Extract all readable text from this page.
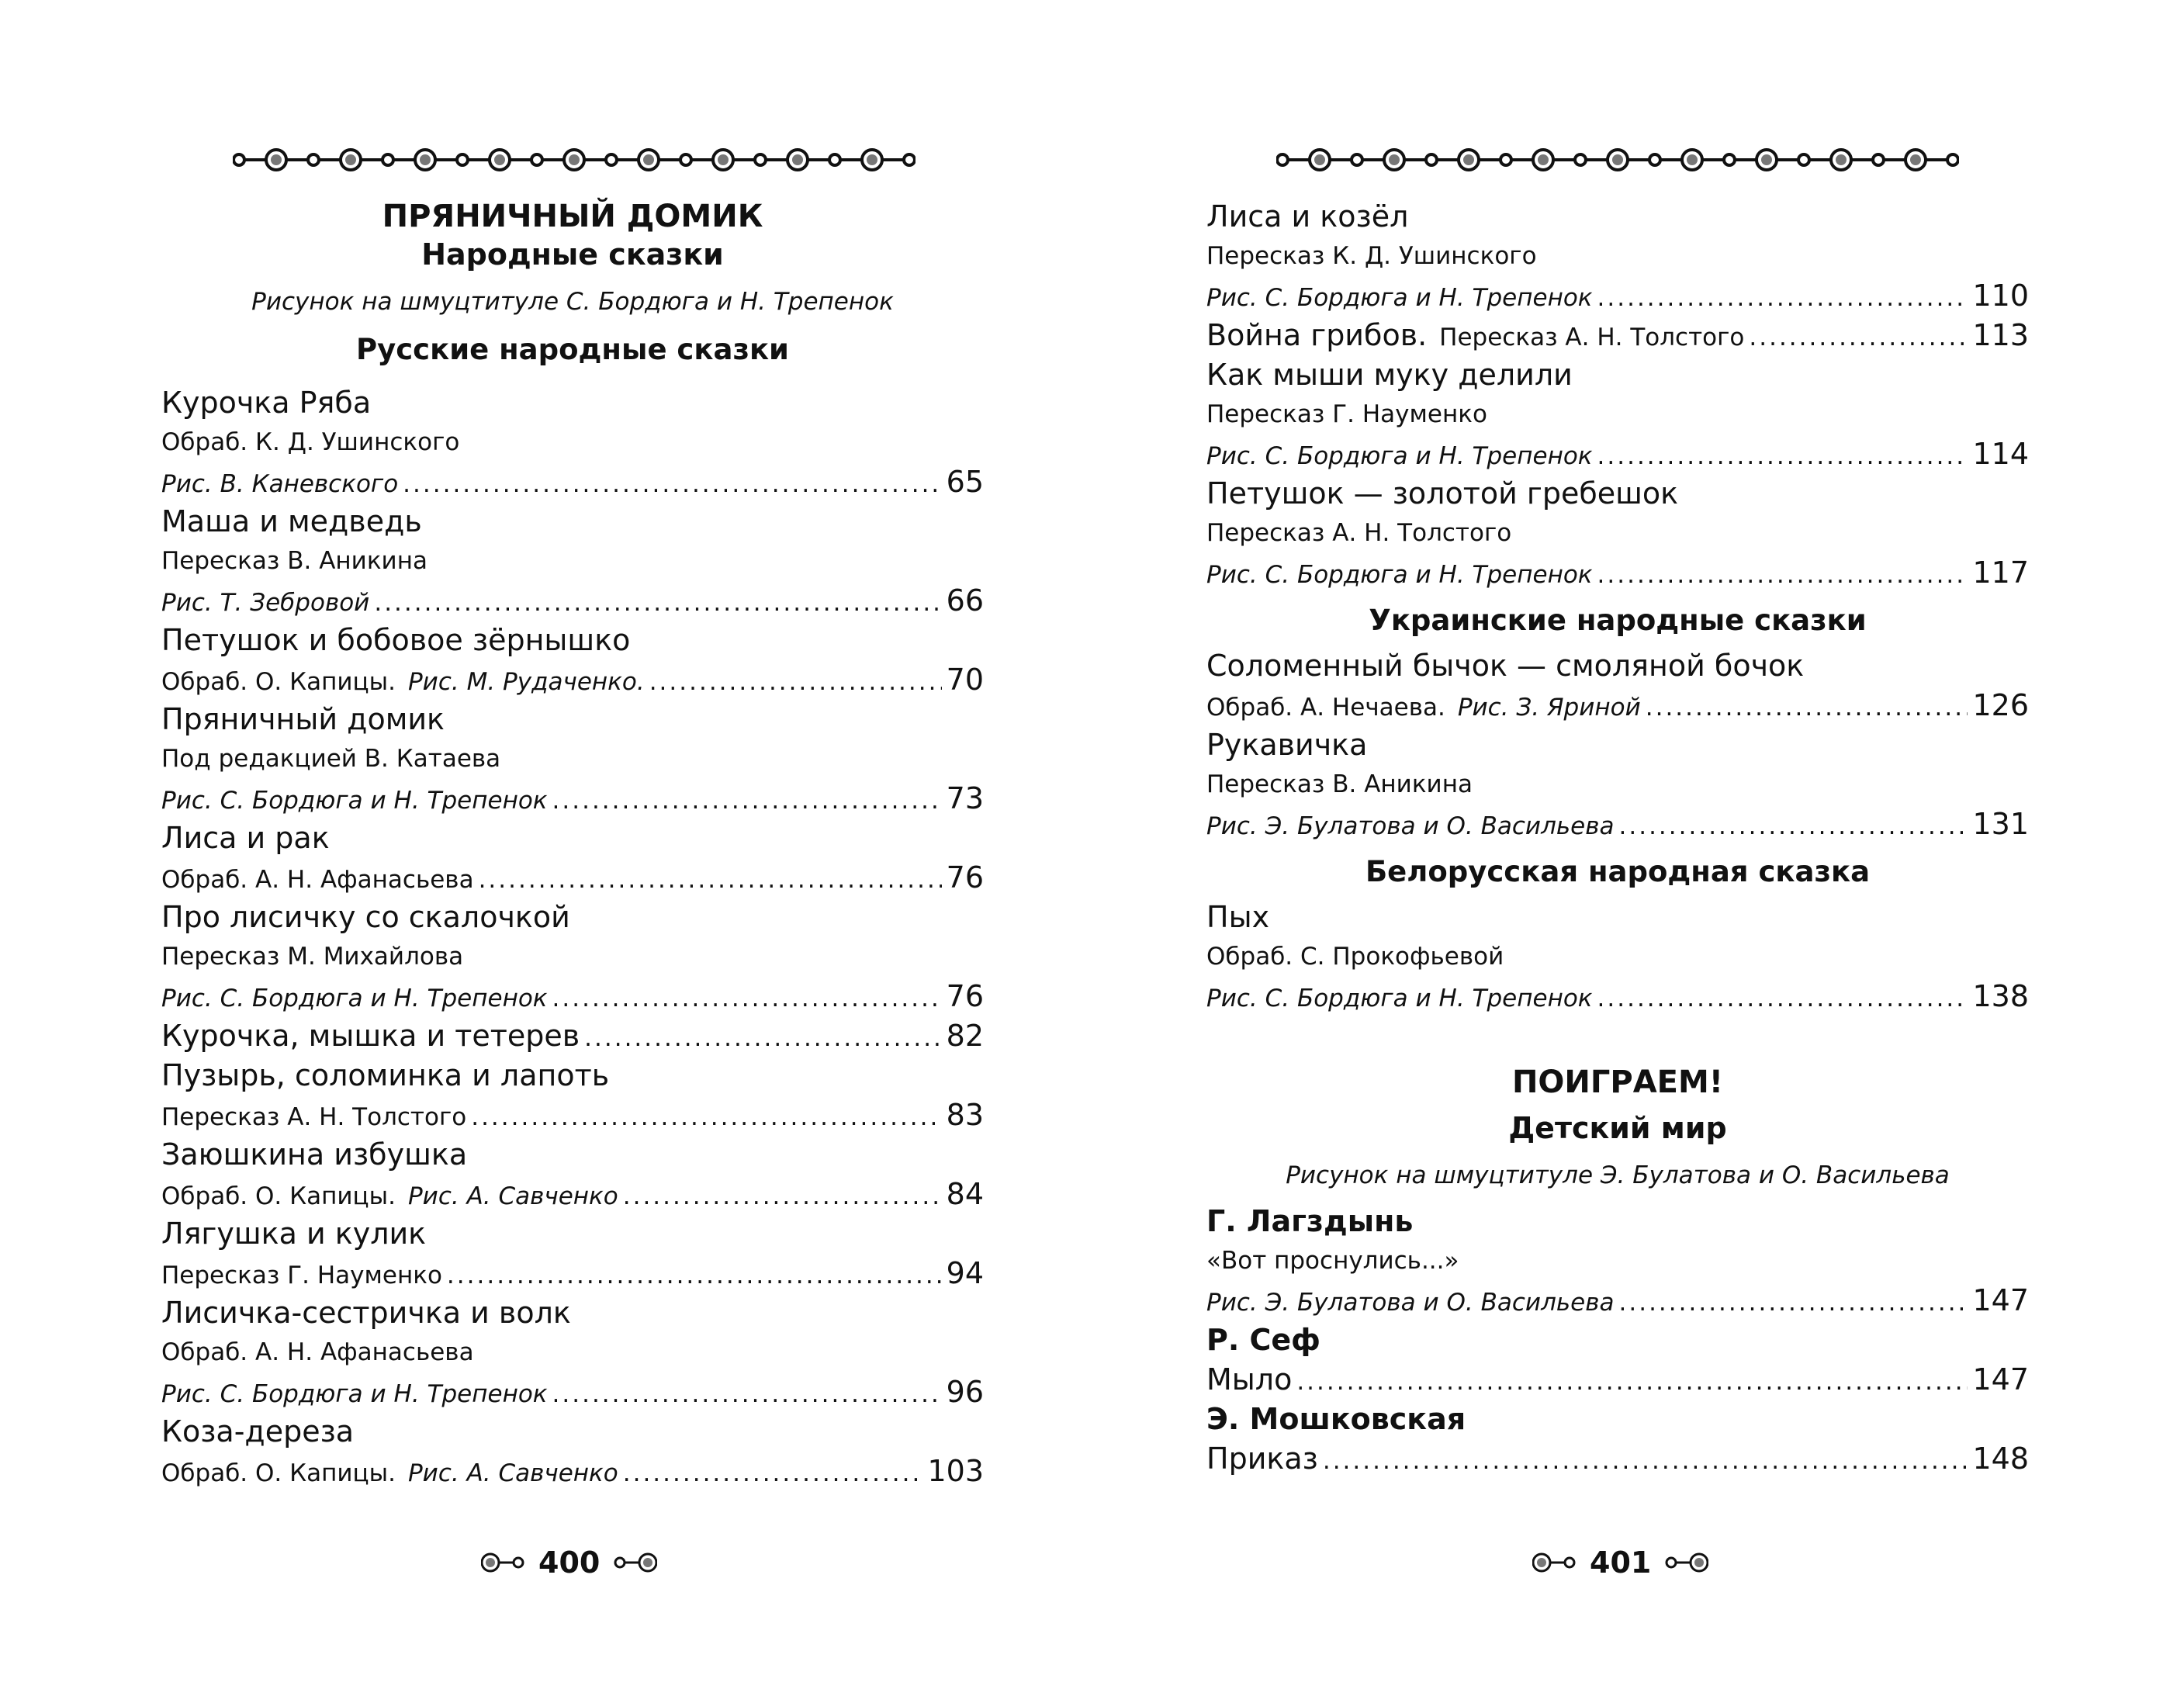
ПРЯНИЧНЫЙ ДОМИК
Народные сказки
Рисунок на шмуцтитуле С. Бордюга и Н. Трепенок
Русские народные сказки
Курочка Ряба
Обраб. К. Д. Ушинского
Рис. В. Каневского .....	65
Маша и медведь
Пересказ В. Аникина
Рис. Т. Зебровой .....	66
Петушок и бобовое зёрнышко
Обраб. О. Капицы. Рис. М. Рудаченко. .....	70
Пряничный домик
Под редакцией В. Катаева
Рис. С. Бордюга и Н. Трепенок .....	73
Лиса и рак
Обраб. А. Н. Афанасьева .....	76
Про лисичку со скалочкой
Пересказ М. Михайлова
Рис. С. Бордюга и Н. Трепенок .....	76
Курочка, мышка и тетерев .....	82
Пузырь, соломинка и лапоть
Пересказ А. Н. Толстого .....	83
Заюшкина избушка
Обраб. О. Капицы. Рис. А. Савченко .....	84
Лягушка и кулик
Пересказ Г. Науменко .....	94
Лисичка-сестричка и волк
Обраб. А. Н. Афанасьева
Рис. С. Бордюга и Н. Трепенок .....	96
Коза-дереза
Обраб. О. Капицы. Рис. А. Савченко .....	103
400
Лиса и козёл
Пересказ К. Д. Ушинского
Рис. С. Бордюга и Н. Трепенок .....	110
Война грибов. Пересказ А. Н. Толстого .....	113
Как мыши муку делили
Пересказ Г. Науменко
Рис. С. Бордюга и Н. Трепенок .....	114
Петушок — золотой гребешок
Пересказ А. Н. Толстого
Рис. С. Бордюга и Н. Трепенок .....	117
Украинские народные сказки
Соломенный бычок — смоляной бочок
Обраб. А. Нечаева. Рис. З. Яриной .....	126
Рукавичка
Пересказ В. Аникина
Рис. Э. Булатова и О. Васильева .....	131
Белорусская народная сказка
Пых
Обраб. С. Прокофьевой
Рис. С. Бордюга и Н. Трепенок .....	138
ПОИГРАЕМ!
Детский мир
Рисунок на шмуцтитуле Э. Булатова и О. Васильева
Г. Лагздынь
«Вот проснулись...»
Рис. Э. Булатова и О. Васильева .....	147
Р. Сеф
Мыло .....	147
Э. Мошковская
Приказ .....	148
401
